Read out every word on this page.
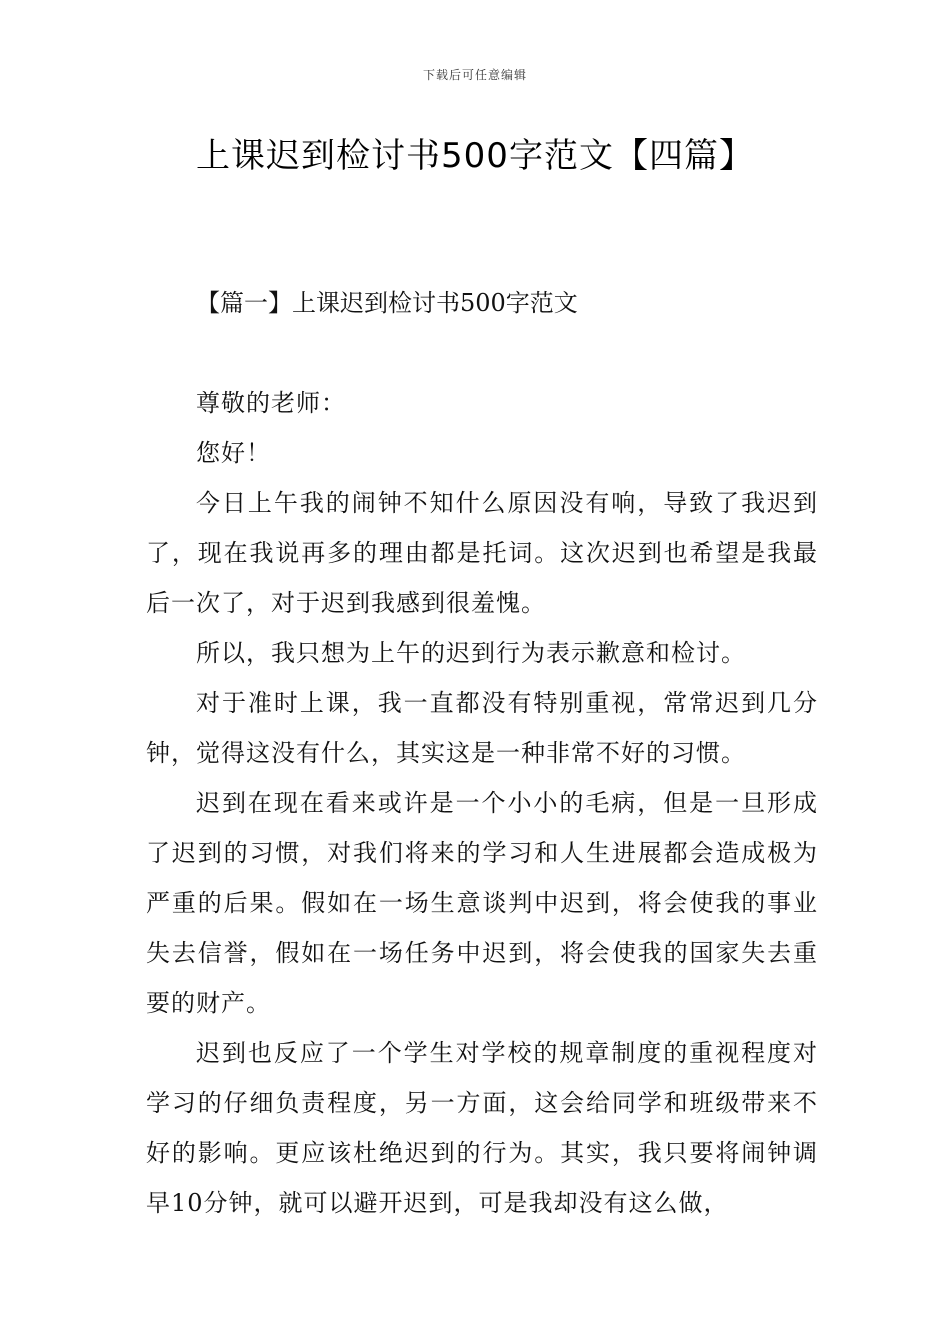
下载后可任意编辑
上课迟到检讨书500字范文【四篇】
【篇一】上课迟到检讨书500字范文

尊敬的老师：

您好！

今日上午我的闹钟不知什么原因没有响，导致了我迟到了，现在我说再多的理由都是托词。这次迟到也希望是我最后一次了，对于迟到我感到很羞愧。

所以，我只想为上午的迟到行为表示歉意和检讨。

对于准时上课，我一直都没有特别重视，常常迟到几分钟，觉得这没有什么，其实这是一种非常不好的习惯。

迟到在现在看来或许是一个小小的毛病，但是一旦形成了迟到的习惯，对我们将来的学习和人生进展都会造成极为严重的后果。假如在一场生意谈判中迟到，将会使我的事业失去信誉，假如在一场任务中迟到，将会使我的国家失去重要的财产。

迟到也反应了一个学生对学校的规章制度的重视程度对学习的仔细负责程度，另一方面，这会给同学和班级带来不好的影响。更应该杜绝迟到的行为。其实，我只要将闹钟调早10分钟，就可以避开迟到，可是我却没有这么做，
